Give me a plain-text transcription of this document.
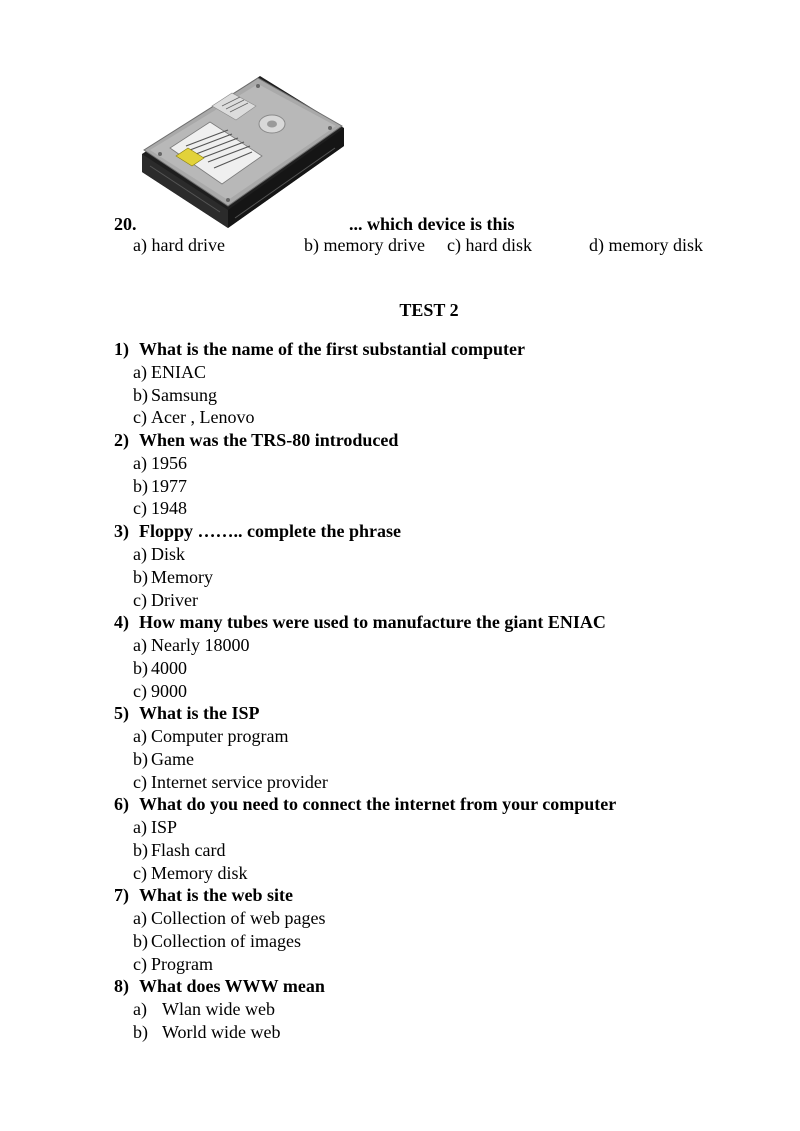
20.	... which device is this
a) hard drive	b) memory drive c) hard disk	d) memory disk
TEST 2
1) What is the name of the first substantial computer
a) ENIAC
b) Samsung
c) Acer , Lenovo
2) When was the TRS-80 introduced
a) 1956
b) 1977
c) 1948
3) Floppy …….. complete the phrase
a) Disk
b) Memory
c) Driver
4) How many tubes were used to manufacture the giant ENIAC
a) Nearly 18000
b) 4000
c) 9000
5) What is the ISP
a) Computer program
b) Game
c) Internet service provider
6) What do you need to connect the internet from your computer
a) ISP
b) Flash card
c) Memory disk
7) What is the web site
a) Collection of web pages
b) Collection of images
c) Program
8) What does WWW mean
a) Wlan wide web
b) World wide web
